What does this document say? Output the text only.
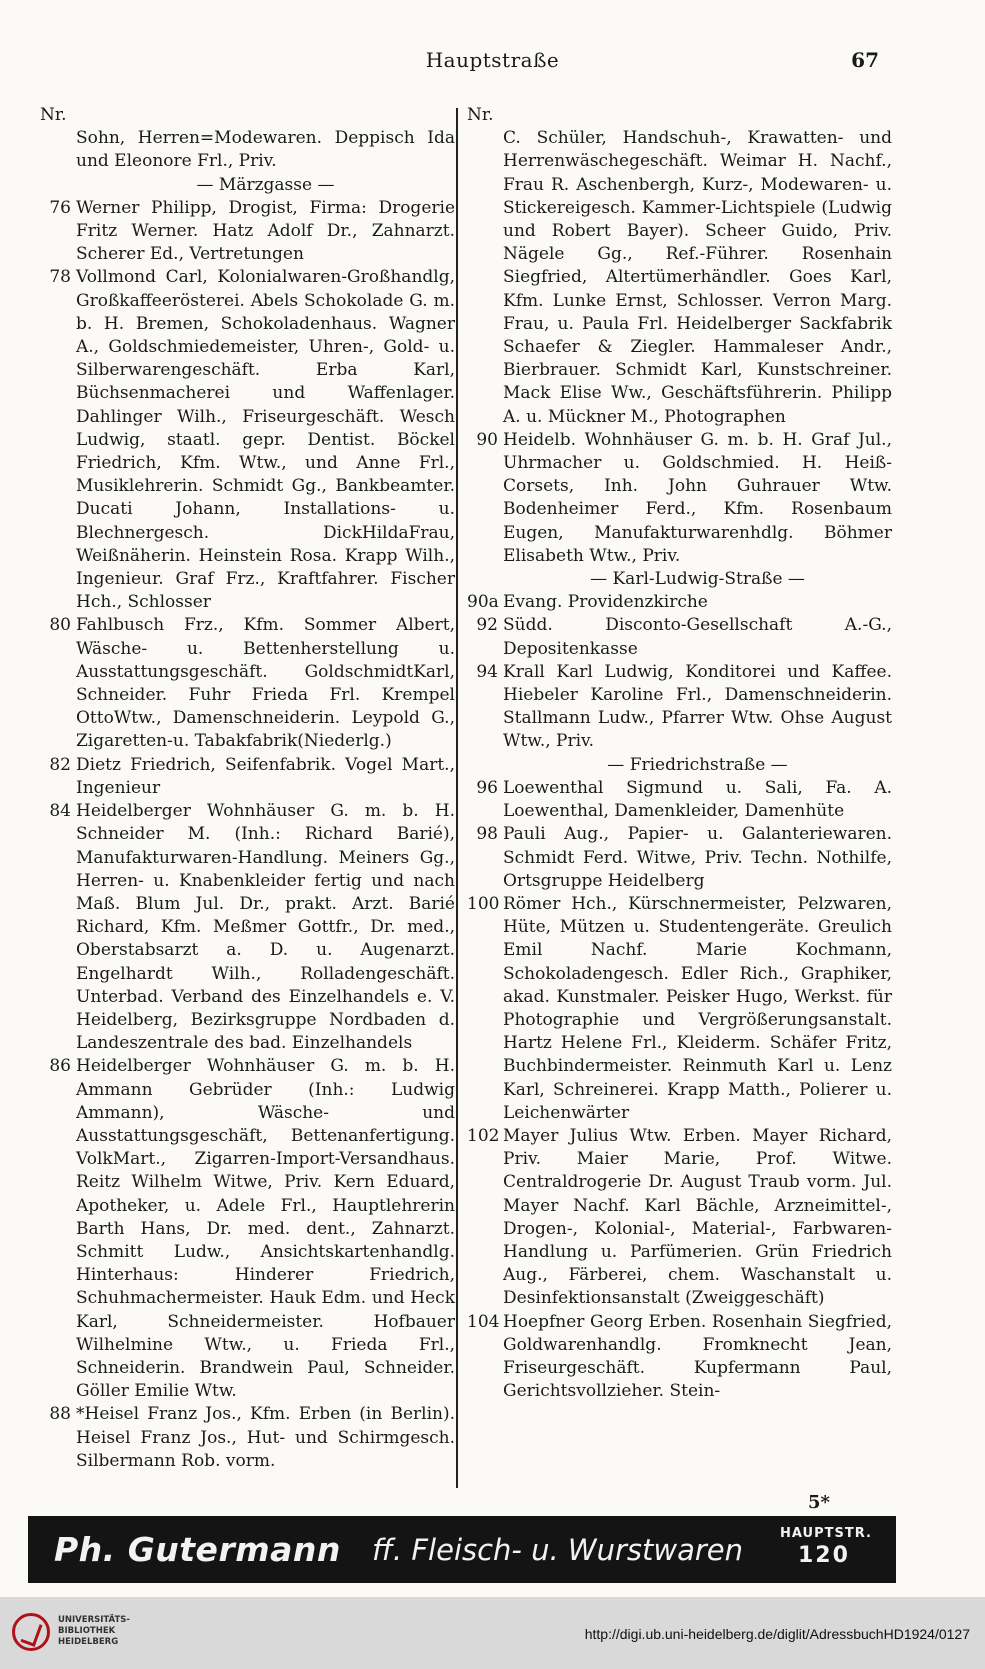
Hauptstraße	67
Nr.
Sohn, Herren=Modewaren. Deppisch Ida und Eleonore Frl., Priv.
— Märzgasse —
76 Werner Philipp, Drogist, Firma: Drogerie Fritz Werner. Hatz Adolf Dr., Zahnarzt. Scherer Ed., Vertretungen
78 Vollmond Carl, Kolonialwaren-Großhandlg, Großkaffeerösterei. Abels Schokolade G. m. b. H. Bremen, Schokoladenhaus. Wagner A., Goldschmiedemeister, Uhren-, Gold- u. Silberwarengeschäft. Erba Karl, Büchsenmacherei und Waffenlager. Dahlinger Wilh., Friseurgeschäft. Wesch Ludwig, staatl. gepr. Dentist. Böckel Friedrich, Kfm. Wtw., und Anne Frl., Musiklehrerin. Schmidt Gg., Bankbeamter. Ducati Johann, Installations- u. Blechnergesch. DickHildaFrau, Weißnäherin. Heinstein Rosa. Krapp Wilh., Ingenieur. Graf Frz., Kraftfahrer. Fischer Hch., Schlosser
80 Fahlbusch Frz., Kfm. Sommer Albert, Wäsche- u. Bettenherstellung u. Ausstattungsgeschäft. GoldschmidtKarl, Schneider. Fuhr Frieda Frl. Krempel OttoWtw., Damenschneiderin. Leypold G., Zigaretten-u. Tabakfabrik(Niederlg.)
82 Dietz Friedrich, Seifenfabrik. Vogel Mart., Ingenieur
84 Heidelberger Wohnhäuser G. m. b. H. Schneider M. (Inh.: Richard Barié), Manufakturwaren-Handlung. Meiners Gg., Herren- u. Knabenkleider fertig und nach Maß. Blum Jul. Dr., prakt. Arzt. Barié Richard, Kfm. Meßmer Gottfr., Dr. med., Oberstabsarzt a. D. u. Augenarzt. Engelhardt Wilh., Rolladengeschäft. Unterbad. Verband des Einzelhandels e. V. Heidelberg, Bezirksgruppe Nordbaden d. Landeszentrale des bad. Einzelhandels
86 Heidelberger Wohnhäuser G. m. b. H. Ammann Gebrüder (Inh.: Ludwig Ammann), Wäsche- und Ausstattungsgeschäft, Bettenanfertigung. VolkMart., Zigarren-Import-Versandhaus. Reitz Wilhelm Witwe, Priv. Kern Eduard, Apotheker, u. Adele Frl., Hauptlehrerin Barth Hans, Dr. med. dent., Zahnarzt. Schmitt Ludw., Ansichtskartenhandlg. Hinterhaus: Hinderer Friedrich, Schuhmachermeister. Hauk Edm. und Heck Karl, Schneidermeister. Hofbauer Wilhelmine Wtw., u. Frieda Frl., Schneiderin. Brandwein Paul, Schneider. Göller Emilie Wtw.
88 *Heisel Franz Jos., Kfm. Erben (in Berlin). Heisel Franz Jos., Hut- und Schirmgesch. Silbermann Rob. vorm.
Nr.
C. Schüler, Handschuh-, Krawatten- und Herrenwäschegeschäft. Weimar H. Nachf., Frau R. Aschenbergh, Kurz-, Modewaren- u. Stickereigesch. Kammer-Lichtspiele (Ludwig und Robert Bayer). Scheer Guido, Priv. Nägele Gg., Ref.-Führer. Rosenhain Siegfried, Altertümerhändler. Goes Karl, Kfm. Lunke Ernst, Schlosser. Verron Marg. Frau, u. Paula Frl. Heidelberger Sackfabrik Schaefer & Ziegler. Hammaleser Andr., Bierbrauer. Schmidt Karl, Kunstschreiner. Mack Elise Ww., Geschäftsführerin. Philipp A. u. Mückner M., Photographen
90 Heidelb. Wohnhäuser G. m. b. H. Graf Jul., Uhrmacher u. Goldschmied. H. Heiß-Corsets, Inh. John Guhrauer Wtw. Bodenheimer Ferd., Kfm. Rosenbaum Eugen, Manufakturwarenhdlg. Böhmer Elisabeth Wtw., Priv.
— Karl-Ludwig-Straße —
90a Evang. Providenzkirche
92 Südd. Disconto-Gesellschaft A.-G., Depositenkasse
94 Krall Karl Ludwig, Konditorei und Kaffee. Hiebeler Karoline Frl., Damenschneiderin. Stallmann Ludw., Pfarrer Wtw. Ohse August Wtw., Priv.
— Friedrichstraße —
96 Loewenthal Sigmund u. Sali, Fa. A. Loewenthal, Damenkleider, Damenhüte
98 Pauli Aug., Papier- u. Galanteriewaren. Schmidt Ferd. Witwe, Priv. Techn. Nothilfe, Ortsgruppe Heidelberg
100 Römer Hch., Kürschnermeister, Pelzwaren, Hüte, Mützen u. Studentengeräte. Greulich Emil Nachf. Marie Kochmann, Schokoladengesch. Edler Rich., Graphiker, akad. Kunstmaler. Peisker Hugo, Werkst. für Photographie und Vergrößerungsanstalt. Hartz Helene Frl., Kleiderm. Schäfer Fritz, Buchbindermeister. Reinmuth Karl u. Lenz Karl, Schreinerei. Krapp Matth., Polierer u. Leichenwärter
102 Mayer Julius Wtw. Erben. Mayer Richard, Priv. Maier Marie, Prof. Witwe. Centraldrogerie Dr. August Traub vorm. Jul. Mayer Nachf. Karl Bächle, Arzneimittel-, Drogen-, Kolonial-, Material-, Farbwaren-Handlung u. Parfümerien. Grün Friedrich Aug., Färberei, chem. Waschanstalt u. Desinfektionsanstalt (Zweiggeschäft)
104 Hoepfner Georg Erben. Rosenhain Siegfried, Goldwarenhandlg. Fromknecht Jean, Friseurgeschäft. Kupfermann Paul, Gerichtsvollzieher. Stein-
5*
Ph. Gutermann ff. Fleisch- u. Wurstwaren	HAUPTSTR.
120
UNIVERSITÄTS-
BIBLIOTHEK
HEIDELBERG	http://digi.ub.uni-heidelberg.de/diglit/AdressbuchHD1924/0127
